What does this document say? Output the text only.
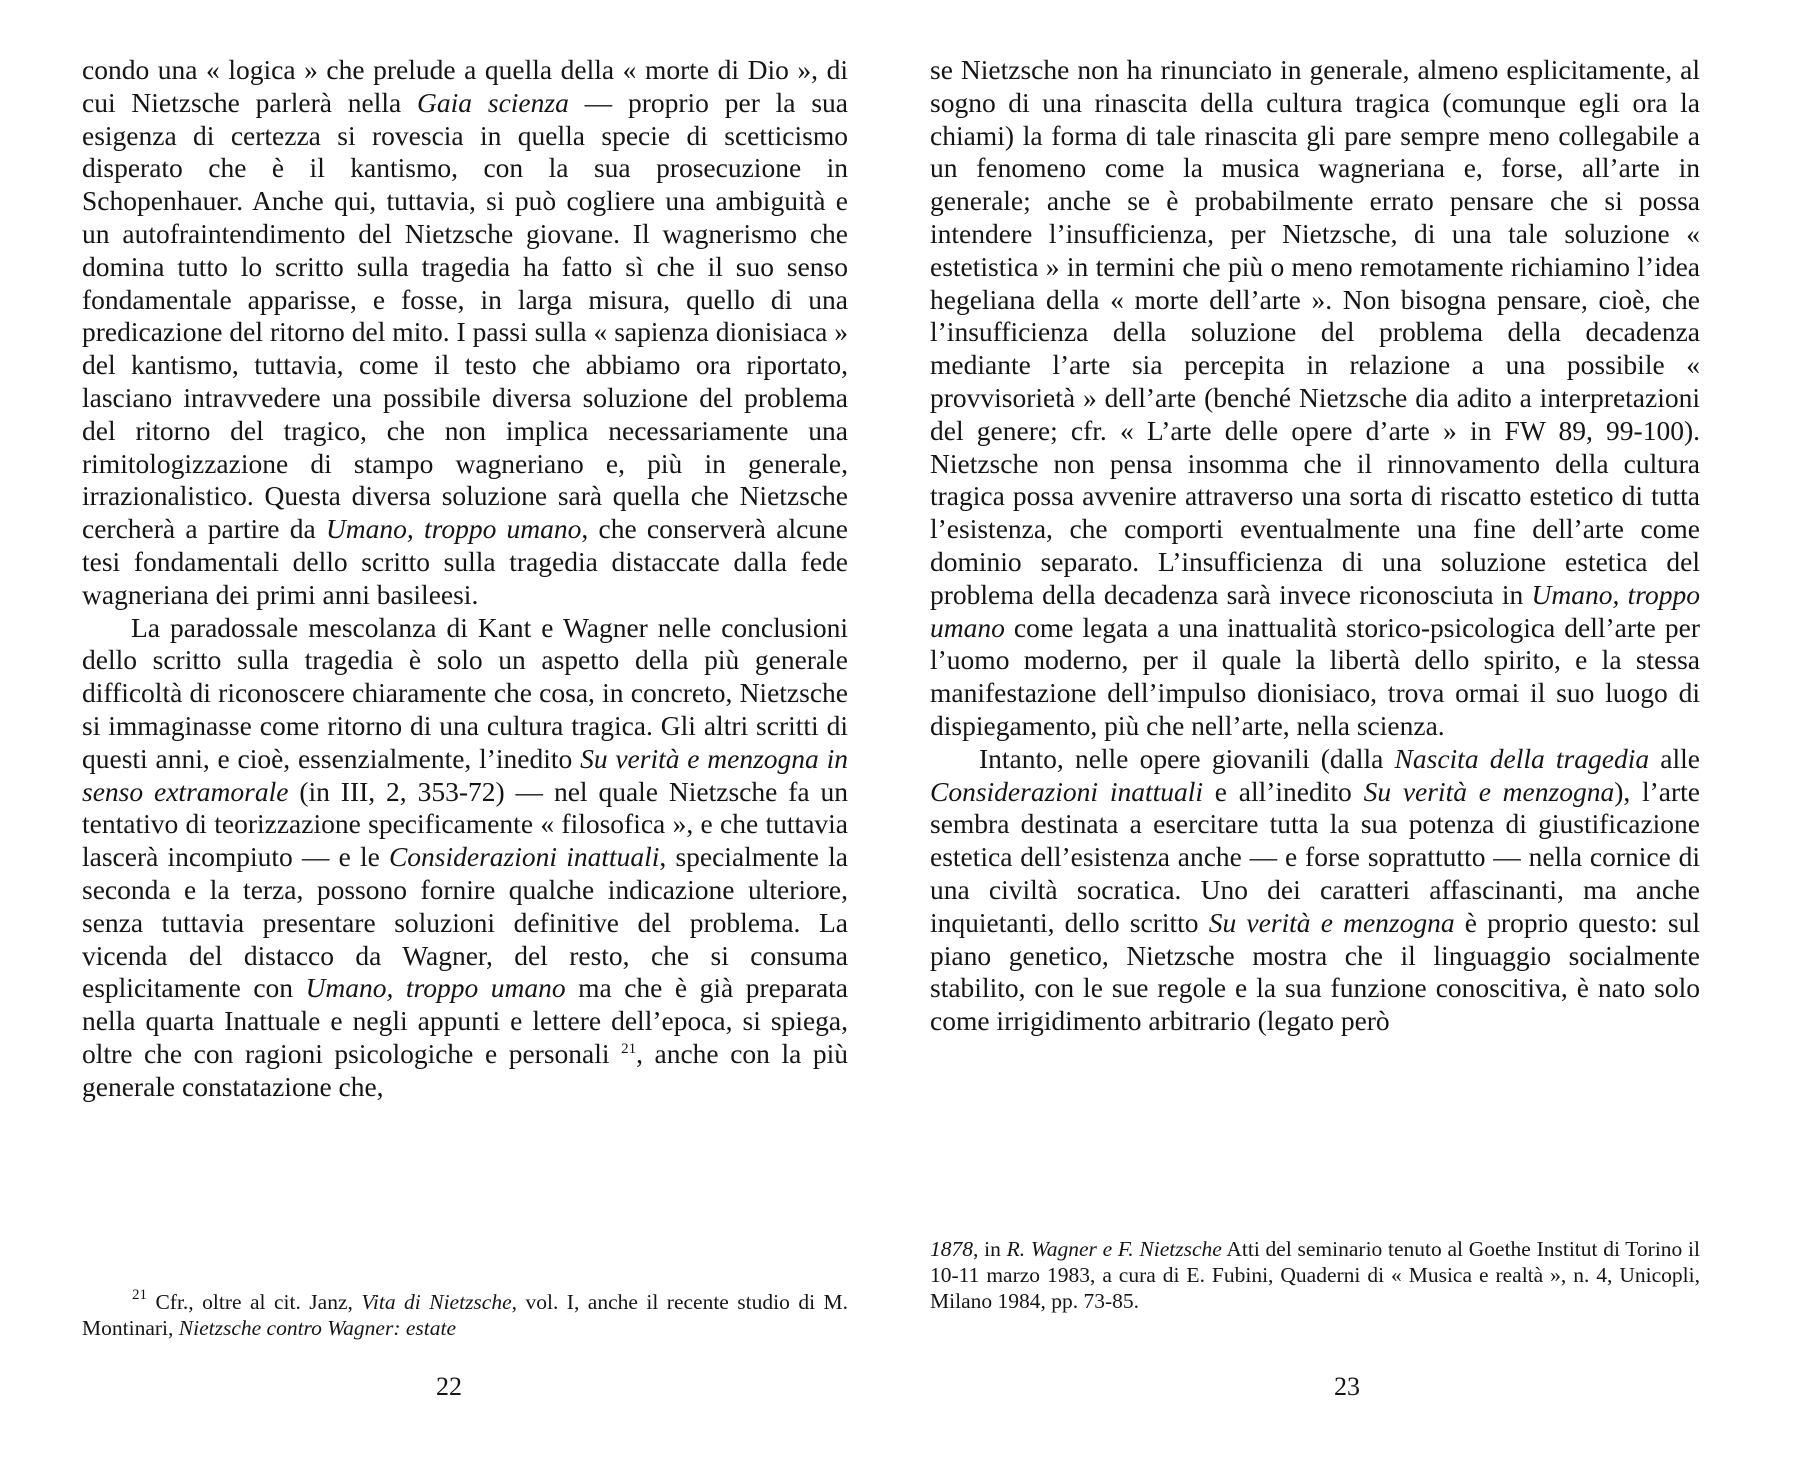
condo una « logica » che prelude a quella della « morte di Dio », di cui Nietzsche parlerà nella Gaia scienza — proprio per la sua esigenza di certezza si rovescia in quella specie di scetticismo disperato che è il kantismo, con la sua prosecuzione in Schopenhauer. Anche qui, tuttavia, si può cogliere una ambiguità e un autofraintendimento del Nietzsche giovane. Il wagnerismo che domina tutto lo scritto sulla tragedia ha fatto sì che il suo senso fondamentale apparisse, e fosse, in larga misura, quello di una predicazione del ritorno del mito. I passi sulla « sapienza dionisiaca » del kantismo, tuttavia, come il testo che abbiamo ora riportato, lasciano intravvedere una possibile diversa soluzione del problema del ritorno del tragico, che non implica necessariamente una rimitologizzazione di stampo wagneriano e, più in generale, irrazionalistico. Questa diversa soluzione sarà quella che Nietzsche cercherà a partire da Umano, troppo umano, che conserverà alcune tesi fondamentali dello scritto sulla tragedia distaccate dalla fede wagneriana dei primi anni basileesi.

La paradossale mescolanza di Kant e Wagner nelle conclusioni dello scritto sulla tragedia è solo un aspetto della più generale difficoltà di riconoscere chiaramente che cosa, in concreto, Nietzsche si immaginasse come ritorno di una cultura tragica. Gli altri scritti di questi anni, e cioè, essenzialmente, l’inedito Su verità e menzogna in senso extramorale (in III, 2, 353-72) — nel quale Nietzsche fa un tentativo di teorizzazione specificamente « filosofica », e che tuttavia lascerà incompiuto — e le Considerazioni inattuali, specialmente la seconda e la terza, possono fornire qualche indicazione ulteriore, senza tuttavia presentare soluzioni definitive del problema. La vicenda del distacco da Wagner, del resto, che si consuma esplicitamente con Umano, troppo umano ma che è già preparata nella quarta Inattuale e negli appunti e lettere dell’epoca, si spiega, oltre che con ragioni psicologiche e personali $^{21}$, anche con la più generale constatazione che,

$^{21}$ Cfr., oltre al cit. Janz, Vita di Nietzsche, vol. I, anche il recente studio di M. Montinari, Nietzsche contro Wagner: estate

22

se Nietzsche non ha rinunciato in generale, almeno esplicitamente, al sogno di una rinascita della cultura tragica (comunque egli ora la chiami) la forma di tale rinascita gli pare sempre meno collegabile a un fenomeno come la musica wagneriana e, forse, all’arte in generale; anche se è probabilmente errato pensare che si possa intendere l’insufficienza, per Nietzsche, di una tale soluzione « estetistica » in termini che più o meno remotamente richiamino l’idea hegeliana della « morte dell’arte ». Non bisogna pensare, cioè, che l’insufficienza della soluzione del problema della decadenza mediante l’arte sia percepita in relazione a una possibile « provvisorietà » dell’arte (benché Nietzsche dia adito a interpretazioni del genere; cfr. « L’arte delle opere d’arte » in FW 89, 99-100). Nietzsche non pensa insomma che il rinnovamento della cultura tragica possa avvenire attraverso una sorta di riscatto estetico di tutta l’esistenza, che comporti eventualmente una fine dell’arte come dominio separato. L’insufficienza di una soluzione estetica del problema della decadenza sarà invece riconosciuta in Umano, troppo umano come legata a una inattualità storico-psicologica dell’arte per l’uomo moderno, per il quale la libertà dello spirito, e la stessa manifestazione dell’impulso dionisiaco, trova ormai il suo luogo di dispiegamento, più che nell’arte, nella scienza.

Intanto, nelle opere giovanili (dalla Nascita della tragedia alle Considerazioni inattuali e all’inedito Su verità e menzogna), l’arte sembra destinata a esercitare tutta la sua potenza di giustificazione estetica dell’esistenza anche — e forse soprattutto — nella cornice di una civiltà socratica. Uno dei caratteri affascinanti, ma anche inquietanti, dello scritto Su verità e menzogna è proprio questo: sul piano genetico, Nietzsche mostra che il linguaggio socialmente stabilito, con le sue regole e la sua funzione conoscitiva, è nato solo come irrigidimento arbitrario (legato però

1878, in R. Wagner e F. Nietzsche Atti del seminario tenuto al Goethe Institut di Torino il 10-11 marzo 1983, a cura di E. Fubini, Quaderni di « Musica e realtà », n. 4, Unicopli, Milano 1984, pp. 73-85.

23
